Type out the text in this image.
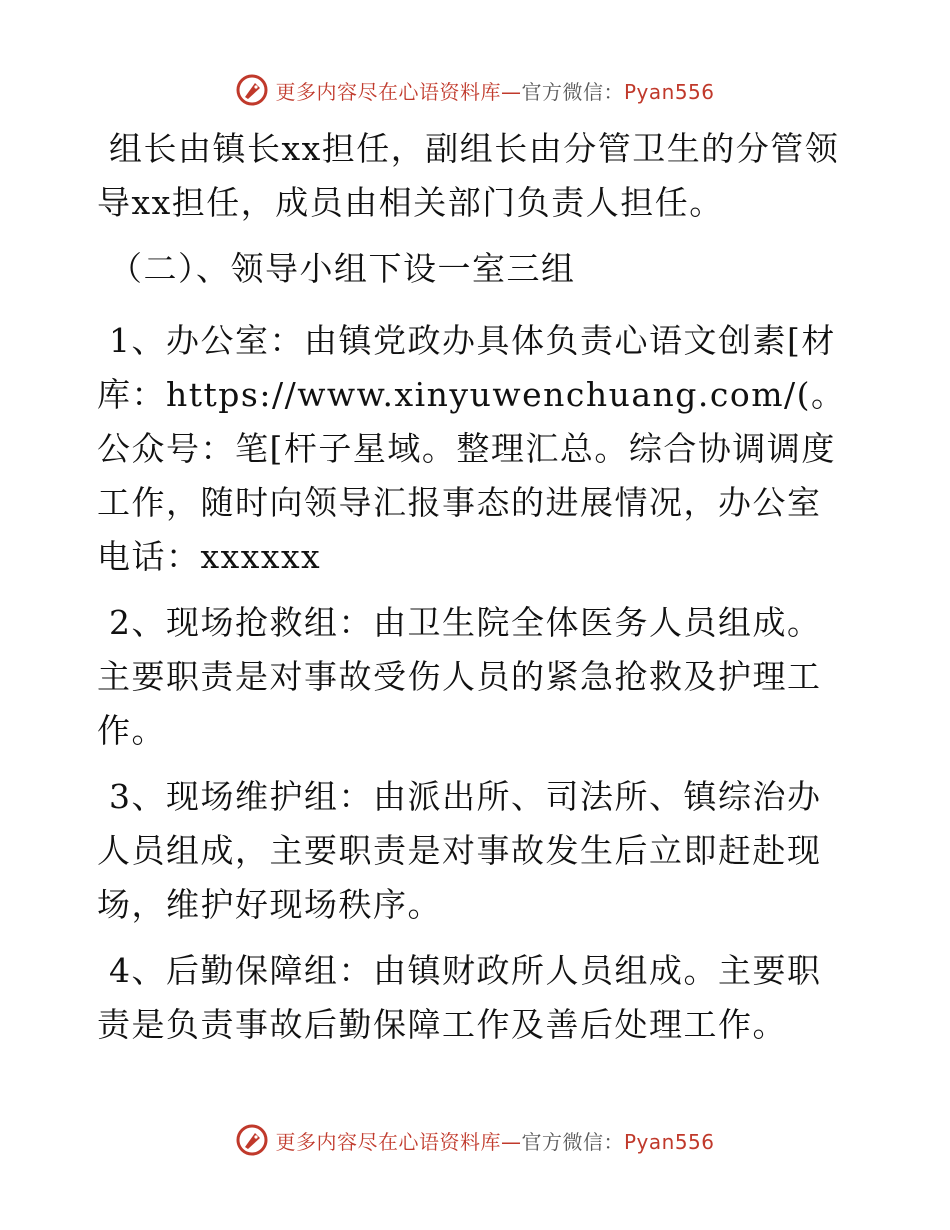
更多内容尽在心语资料库—官方微信：Pyan556

组长由镇长xx担任，副组长由分管卫生的分管领导xx担任，成员由相关部门负责人担任。

（二）、领导小组下设一室三组

1、办公室：由镇党政办具体负责心语文创素[材库：https://www.xinyuwenchuang.com/(。公众号：笔[杆子星域。整理汇总。综合协调调度工作，随时向领导汇报事态的进展情况，办公室电话：xxxxxx

2、现场抢救组：由卫生院全体医务人员组成。主要职责是对事故受伤人员的紧急抢救及护理工作。

3、现场维护组：由派出所、司法所、镇综治办人员组成，主要职责是对事故发生后立即赶赴现场，维护好现场秩序。

4、后勤保障组：由镇财政所人员组成。主要职责是负责事故后勤保障工作及善后处理工作。

更多内容尽在心语资料库—官方微信：Pyan556
